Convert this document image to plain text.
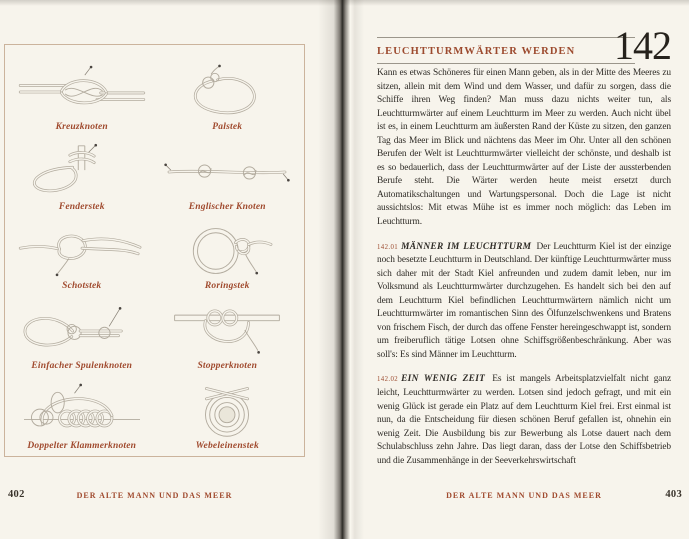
Kreuzknoten	Palstek
Fenderstek	Englischer Knoten
Schotstek	Roringstek
Einfacher Spulenknoten	Stopperknoten
Doppelter Klammerknoten	Webeleinenstek
402	DER ALTE MANN UND DAS MEER
LEUCHTTURMWÄRTER WERDEN 142

Kann es etwas Schöneres für einen Mann geben, als in der Mitte des Meeres zu sitzen, allein mit dem Wind und dem Wasser, und dafür zu sorgen, dass die Schiffe ihren Weg finden? Man muss dazu nichts weiter tun, als Leuchtturmwärter auf einem Leuchtturm im Meer zu werden. Auch nicht übel ist es, in einem Leuchtturm am äußersten Rand der Küste zu sitzen, den ganzen Tag das Meer im Blick und nächtens das Meer im Ohr. Unter all den schönen Berufen der Welt ist Leuchtturmwärter vielleicht der schönste, und deshalb ist es so bedauerlich, dass der Leuchtturmwärter auf der Liste der aussterbenden Berufe steht. Die Wärter werden heute meist ersetzt durch Automatikschaltungen und Wartungspersonal. Doch die Lage ist nicht aussichtslos: Mit etwas Mühe ist es immer noch möglich: das Leben im Leuchtturm.

142.01 MÄNNER IM LEUCHTTURM Der Leuchtturm Kiel ist der einzige noch besetzte Leuchtturm in Deutschland. Der künftige Leuchtturmwärter muss sich daher mit der Stadt Kiel anfreunden und zudem damit leben, nur im Volksmund als Leuchtturmwärter durchzugehen. Es handelt sich bei den auf dem Leuchtturm Kiel befindlichen Leuchtturmwärtern nämlich nicht um Leuchtturmwärter im romantischen Sinn des Ölfunzelschwenkens und Bratens von frischem Fisch, der durch das offene Fenster hereingeschwappt ist, sondern um freiberuflich tätige Lotsen ohne Schiffsgrößenbeschränkung. Aber was soll's: Es sind Männer im Leuchtturm.

142.02 EIN WENIG ZEIT Es ist mangels Arbeitsplatzvielfalt nicht ganz leicht, Leuchtturmwärter zu werden. Lotsen sind jedoch gefragt, und mit ein wenig Glück ist gerade ein Platz auf dem Leuchtturm Kiel frei. Erst einmal ist nun, da die Entscheidung für diesen schönen Beruf gefallen ist, ohnehin ein wenig Zeit. Die Ausbildung bis zur Bewerbung als Lotse dauert nach dem Schulabschluss zehn Jahre. Das liegt daran, dass der Lotse den Schiffsbetrieb und die Zusammenhänge in der Seeverkehrswirtschaft

DER ALTE MANN UND DAS MEER	403
